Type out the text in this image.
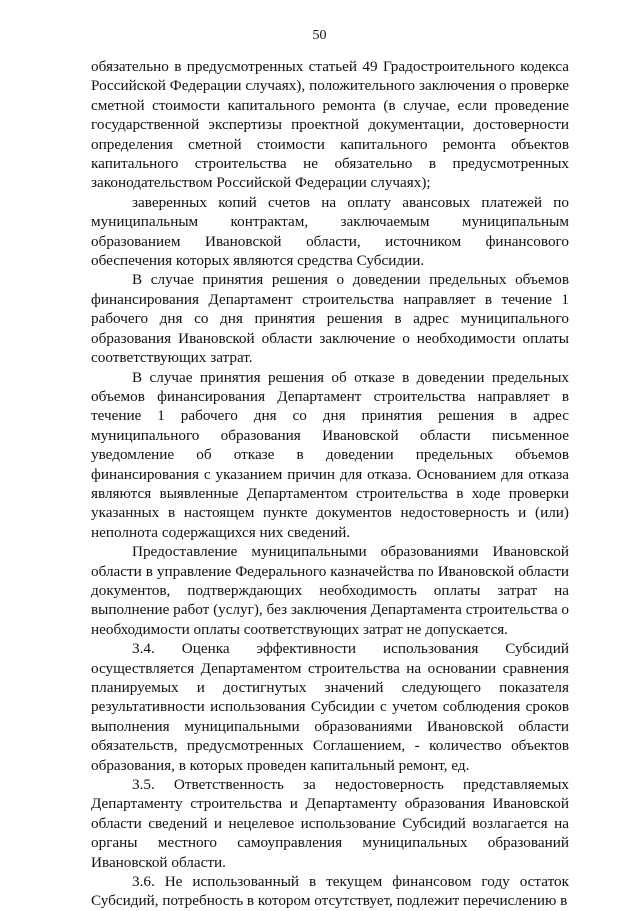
50

обязательно в предусмотренных статьей 49 Градостроительного кодекса Российской Федерации случаях), положительного заключения о проверке сметной стоимости капитального ремонта (в случае, если проведение государственной экспертизы проектной документации, достоверности определения сметной стоимости капитального ремонта объектов капитального строительства не обязательно в предусмотренных законодательством Российской Федерации случаях);

заверенных копий счетов на оплату авансовых платежей по муниципальным контрактам, заключаемым муниципальным образованием Ивановской области, источником финансового обеспечения которых являются средства Субсидии.

В случае принятия решения о доведении предельных объемов финансирования Департамент строительства направляет в течение 1 рабочего дня со дня принятия решения в адрес муниципального образования Ивановской области заключение о необходимости оплаты соответствующих затрат.

В случае принятия решения об отказе в доведении предельных объемов финансирования Департамент строительства направляет в течение 1 рабочего дня со дня принятия решения в адрес муниципального образования Ивановской области письменное уведомление об отказе в доведении предельных объемов финансирования с указанием причин для отказа. Основанием для отказа являются выявленные Департаментом строительства в ходе проверки указанных в настоящем пункте документов недостоверность и (или) неполнота содержащихся них сведений.

Предоставление муниципальными образованиями Ивановской области в управление Федерального казначейства по Ивановской области документов, подтверждающих необходимость оплаты затрат на выполнение работ (услуг), без заключения Департамента строительства о необходимости оплаты соответствующих затрат не допускается.

3.4. Оценка эффективности использования Субсидий осуществляется Департаментом строительства на основании сравнения планируемых и достигнутых значений следующего показателя результативности использования Субсидии с учетом соблюдения сроков выполнения муниципальными образованиями Ивановской области обязательств, предусмотренных Соглашением, - количество объектов образования, в которых проведен капитальный ремонт, ед.

3.5. Ответственность за недостоверность представляемых Департаменту строительства и Департаменту образования Ивановской области сведений и нецелевое использование Субсидий возлагается на органы местного самоуправления муниципальных образований Ивановской области.

3.6. Не использованный в текущем финансовом году остаток Субсидий, потребность в котором отсутствует, подлежит перечислению в
